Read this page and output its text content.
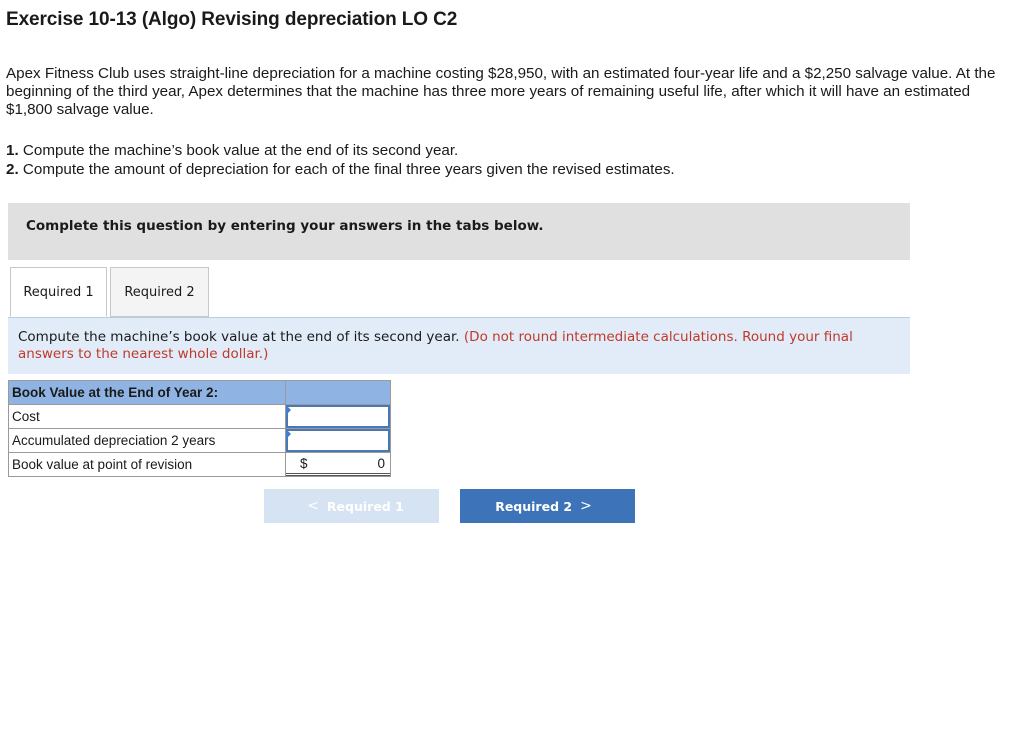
Exercise 10-13 (Algo) Revising depreciation LO C2

Apex Fitness Club uses straight-line depreciation for a machine costing $28,950, with an estimated four-year life and a $2,250 salvage value. At the beginning of the third year, Apex determines that the machine has three more years of remaining useful life, after which it will have an estimated $1,800 salvage value.

1. Compute the machine’s book value at the end of its second year.
2. Compute the amount of depreciation for each of the final three years given the revised estimates.
Complete this question by entering your answers in the tabs below.
Required 1	Required 2

Compute the machine’s book value at the end of its second year. (Do not round intermediate calculations. Round your final answers to the nearest whole dollar.)

Book Value at the End of Year 2:	
Cost	

Accumulated depreciation 2 years	

Book value at point of revision	$ 0
< Required 1	Required 2 >
